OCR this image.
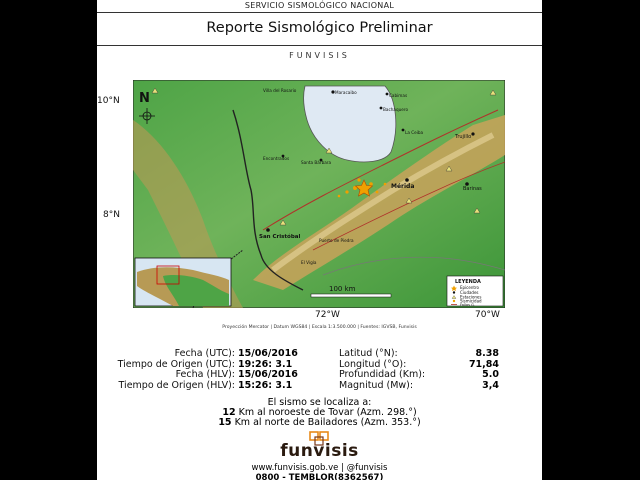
SERVICIO SISMOLÓGICO NACIONAL
Reporte Sismológico Preliminar
FUNVISIS
10°N
8°N
72°W	70°W
Villa del Rosario	Maracaibo
Cabimas
Bachaquero
La Ceiba
Encontrados
Santa Bárbara
Mérida	Barinas
Trujillo
San Cristóbal
Puerto de Piedra
El Vigía
N
100 km
LEYENDA
Epicentro
Ciudades
Estaciones
Sismicidad
Fallas G.
Proyección Mercator | Datum WGS84 | Escala 1:3.500.000 | Fuentes: IGVSB, Funvisis
Fecha (UTC): 15/06/2016
Tiempo de Origen (UTC): 19:26: 3.1
Fecha (HLV): 15/06/2016
Tiempo de Origen (HLV): 15:26: 3.1
Latitud (°N):	8.38
Longitud (°O):	71,84
Profundidad (Km):	5.0
Magnitud (Mw):	3,4
El sismo se localiza a:
12 Km al noroeste de Tovar (Azm. 298.°)
15 Km al norte de Bailadores (Azm. 353.°)
funvisis
www.funvisis.gob.ve | @funvisis
0800 - TEMBLOR(8362567)
